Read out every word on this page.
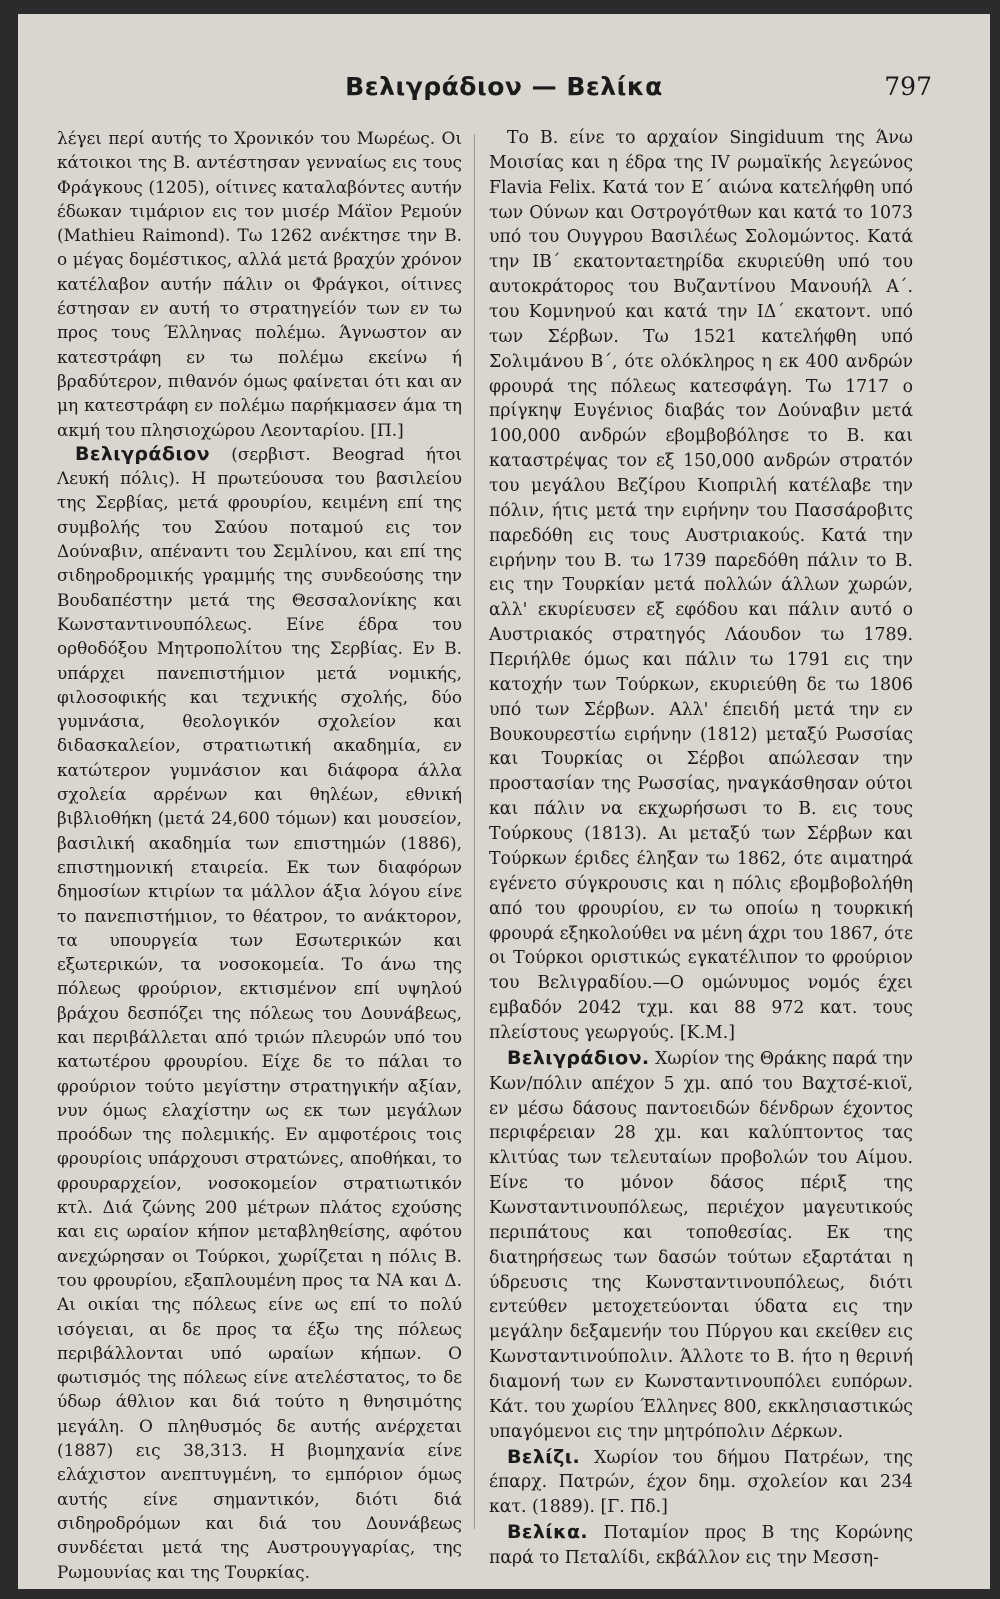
Βελιγράδιον — Βελίκα	797

λέγει περί αυτής το Χρονικόν του Μωρέως. Οι κάτοικοι της Β. αντέστησαν γενναίως εις τους Φράγκους (1205), οίτινες καταλαβόντες αυτήν έδωκαν τιμάριον εις τον μισέρ Μάϊον Ρεμούν (Mathieu Raimond). Τω 1262 ανέκτησε την Β. ο μέγας δομέστικος, αλλά μετά βραχύν χρόνον κατέλαβον αυτήν πάλιν οι Φράγκοι, οίτινες έστησαν εν αυτή το στρατηγείόν των εν τω προς τους Έλληνας πολέμω. Άγνωστον αν κατεστράφη εν τω πολέμω εκείνω ή βραδύτερον, πιθανόν όμως φαίνεται ότι και αν μη κατεστράφη εν πολέμω παρήκμασεν άμα τη ακμή του πλησιοχώρου Λεονταρίου. [Π.]

Βελιγράδιον (σερβιστ. Beograd ήτοι Λευκή πόλις). Η πρωτεύουσα του βασιλείου της Σερβίας, μετά φρουρίου, κειμένη επί της συμβολής του Σαύου ποταμού εις τον Δούναβιν, απέναντι του Σεμλίνου, και επί της σιδηροδρομικής γραμμής της συνδεούσης την Βουδαπέστην μετά της Θεσσαλονίκης και Κωνσταντινουπόλεως. Είνε έδρα του ορθοδόξου Μητροπολίτου της Σερβίας. Εν Β. υπάρχει πανεπιστήμιον μετά νομικής, φιλοσοφικής και τεχνικής σχολής, δύο γυμνάσια, θεολογικόν σχολείον και διδασκαλείον, στρατιωτική ακαδημία, εν κατώτερον γυμνάσιον και διάφορα άλλα σχολεία αρρένων και θηλέων, εθνική βιβλιοθήκη (μετά 24,600 τόμων) και μουσείον, βασιλική ακαδημία των επιστημών (1886), επιστημονική εταιρεία. Εκ των διαφόρων δημοσίων κτιρίων τα μάλλον άξια λόγου είνε το πανεπιστήμιον, το θέατρον, το ανάκτορον, τα υπουργεία των Εσωτερικών και εξωτερικών, τα νοσοκομεία. Το άνω της πόλεως φρούριον, εκτισμένον επί υψηλού βράχου δεσπόζει της πόλεως του Δουνάβεως, και περιβάλλεται από τριών πλευρών υπό του κατωτέρου φρουρίου. Είχε δε το πάλαι το φρούριον τούτο μεγίστην στρατηγικήν αξίαν, νυν όμως ελαχίστην ως εκ των μεγάλων προόδων της πολεμικής. Εν αμφοτέροις τοις φρουρίοις υπάρχουσι στρατώνες, αποθήκαι, το φρουραρχείον, νοσοκομείον στρατιωτικόν κτλ. Διά ζώνης 200 μέτρων πλάτος εχούσης και εις ωραίον κήπον μεταβληθείσης, αφότου ανεχώρησαν οι Τούρκοι, χωρίζεται η πόλις Β. του φρουρίου, εξαπλουμένη προς τα ΝΑ και Δ. Αι οικίαι της πόλεως είνε ως επί το πολύ ισόγειαι, αι δε προς τα έξω της πόλεως περιβάλλονται υπό ωραίων κήπων. Ο φωτισμός της πόλεως είνε ατελέστατος, το δε ύδωρ άθλιον και διά τούτο η θνησιμότης μεγάλη. Ο πληθυσμός δε αυτής ανέρχεται (1887) εις 38,313. Η βιομηχανία είνε ελάχιστον ανεπτυγμένη, το εμπόριον όμως αυτής είνε σημαντικόν, διότι διά σιδηροδρόμων και διά του Δουνάβεως συνδέεται μετά της Αυστρουγγαρίας, της Ρωμουνίας και της Τουρκίας.

Το Β. είνε το αρχαίον Singiduum της Άνω Μοισίας και η έδρα της IV ρωμαϊκής λεγεώνος Flavia Felix. Κατά τον Ε΄ αιώνα κατελήφθη υπό των Ούνων και Οστρογότθων και κατά το 1073 υπό του Ουγγρου Βασιλέως Σολομώντος. Κατά την ΙΒ΄ εκατονταετηρίδα εκυριεύθη υπό του αυτοκράτορος του Βυζαντίνου Μανουήλ Α΄. του Κομνηνού και κατά την ΙΔ΄ εκατοντ. υπό των Σέρβων. Τω 1521 κατελήφθη υπό Σολιμάνου Β΄, ότε ολόκληρος η εκ 400 ανδρών φρουρά της πόλεως κατεσφάγη. Τω 1717 ο πρίγκηψ Ευγένιος διαβάς τον Δούναβιν μετά 100,000 ανδρών εβομβοβόλησε το Β. και καταστρέψας τον εξ 150,000 ανδρών στρατόν του μεγάλου Βεζίρου Κιοπριλή κατέλαβε την πόλιν, ήτις μετά την ειρήνην του Πασσάροβιτς παρεδόθη εις τους Αυστριακούς. Κατά την ειρήνην του Β. τω 1739 παρεδόθη πάλιν το Β. εις την Τουρκίαν μετά πολλών άλλων χωρών, αλλ' εκυρίευσεν εξ εφόδου και πάλιν αυτό ο Αυστριακός στρατηγός Λάουδον τω 1789. Περιήλθε όμως και πάλιν τω 1791 εις την κατοχήν των Τούρκων, εκυριεύθη δε τω 1806 υπό των Σέρβων. Αλλ' έπειδή μετά την εν Βουκουρεστίω ειρήνην (1812) μεταξύ Ρωσσίας και Τουρκίας οι Σέρβοι απώλεσαν την προστασίαν της Ρωσσίας, ηναγκάσθησαν ούτοι και πάλιν να εκχωρήσωσι το Β. εις τους Τούρκους (1813). Αι μεταξύ των Σέρβων και Τούρκων έριδες έληξαν τω 1862, ότε αιματηρά εγένετο σύγκρουσις και η πόλις εβομβοβολήθη από του φρουρίου, εν τω οποίω η τουρκική φρουρά εξηκολούθει να μένη άχρι του 1867, ότε οι Τούρκοι οριστικώς εγκατέλιπον το φρούριον του Βελιγραδίου.—Ο ομώνυμος νομός έχει εμβαδόν 2042 τχμ. και 88 972 κατ. τους πλείστους γεωργούς. [Κ.Μ.]

Βελιγράδιον. Χωρίον της Θράκης παρά την Κων/πόλιν απέχον 5 χμ. από του Βαχτσέ-κιοϊ, εν μέσω δάσους παντοειδών δένδρων έχοντος περιφέρειαν 28 χμ. και καλύπτοντος τας κλιτύας των τελευταίων προβολών του Αίμου. Είνε το μόνον δάσος πέριξ της Κωνσταντινουπόλεως, περιέχον μαγευτικούς περιπάτους και τοποθεσίας. Εκ της διατηρήσεως των δασών τούτων εξαρτάται η ύδρευσις της Κωνσταντινουπόλεως, διότι εντεύθεν μετοχετεύονται ύδατα εις την μεγάλην δεξαμενήν του Πύργου και εκείθεν εις Κωνσταντινούπολιν. Άλλοτε το Β. ήτο η θερινή διαμονή των εν Κωνσταντινουπόλει ευπόρων. Κάτ. του χωρίου Έλληνες 800, εκκλησιαστικώς υπαγόμενοι εις την μητρόπολιν Δέρκων.

Βελίζι. Χωρίον του δήμου Πατρέων, της έπαρχ. Πατρών, έχον δημ. σχολείον και 234 κατ. (1889). [Γ. Πδ.]

Βελίκα. Ποταμίον προς Β της Κορώνης παρά το Πεταλίδι, εκβάλλον εις την Μεσση-
